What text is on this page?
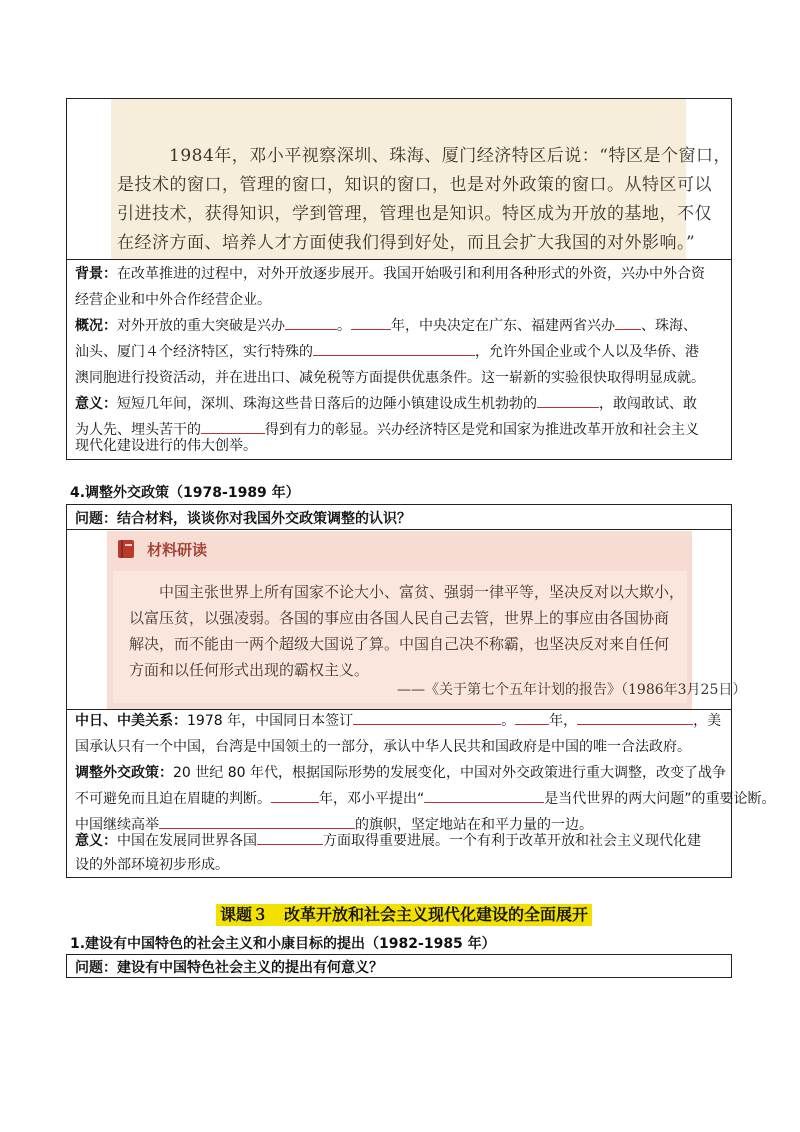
1984年，邓小平视察深圳、珠海、厦门经济特区后说：“特区是个窗口，
是技术的窗口，管理的窗口，知识的窗口，也是对外政策的窗口。从特区可以
引进技术，获得知识，学到管理，管理也是知识。特区成为开放的基地，不仅
在经济方面、培养人才方面使我们得到好处，而且会扩大我国的对外影响。”
背景：在改革推进的过程中，对外开放逐步展开。我国开始吸引和利用各种形式的外资，兴办中外合资
经营企业和中外合作经营企业。
概况：对外开放的重大突破是兴办	。	年，中央决定在广东、福建两省兴办 、珠海、
汕头、厦门４个经济特区，实行特殊的	，允许外国企业或个人以及华侨、港
澳同胞进行投资活动，并在进出口、减免税等方面提供优惠条件。这一崭新的实验很快取得明显成就。
意义：短短几年间，深圳、珠海这些昔日落后的边陲小镇建设成生机勃勃的	，敢闯敢试、敢
为人先、埋头苦干的	得到有力的彰显。兴办经济特区是党和国家为推进改革开放和社会主义
现代化建设进行的伟大创举。
4.调整外交政策（1978-1989 年）
问题：结合材料，谈谈你对我国外交政策调整的认识？
材料研读
中国主张世界上所有国家不论大小、富贫、强弱一律平等，坚决反对以大欺小，
以富压贫，以强凌弱。各国的事应由各国人民自己去管，世界上的事应由各国协商
解决，而不能由一两个超级大国说了算。中国自己决不称霸，也坚决反对来自任何
方面和以任何形式出现的霸权主义。
——《关于第七个五年计划的报告》（1986年3月25日）
中日、中美关系：1978 年，中国同日本签订	。 年，	，美
国承认只有一个中国，台湾是中国领土的一部分，承认中华人民共和国政府是中国的唯一合法政府。
调整外交政策：20 世纪 80 年代，根据国际形势的发展变化，中国对外交政策进行重大调整，改变了战争
不可避免而且迫在眉睫的判断。	年，邓小平提出“	是当代世界的两大问题”的重要论断。
中国继续高举	的旗帜，坚定地站在和平力量的一边。
意义：中国在发展同世界各国	方面取得重要进展。一个有利于改革开放和社会主义现代化建
设的外部环境初步形成。
课题３　改革开放和社会主义现代化建设的全面展开
1.建设有中国特色的社会主义和小康目标的提出（1982-1985 年）
问题：建设有中国特色社会主义的提出有何意义？
